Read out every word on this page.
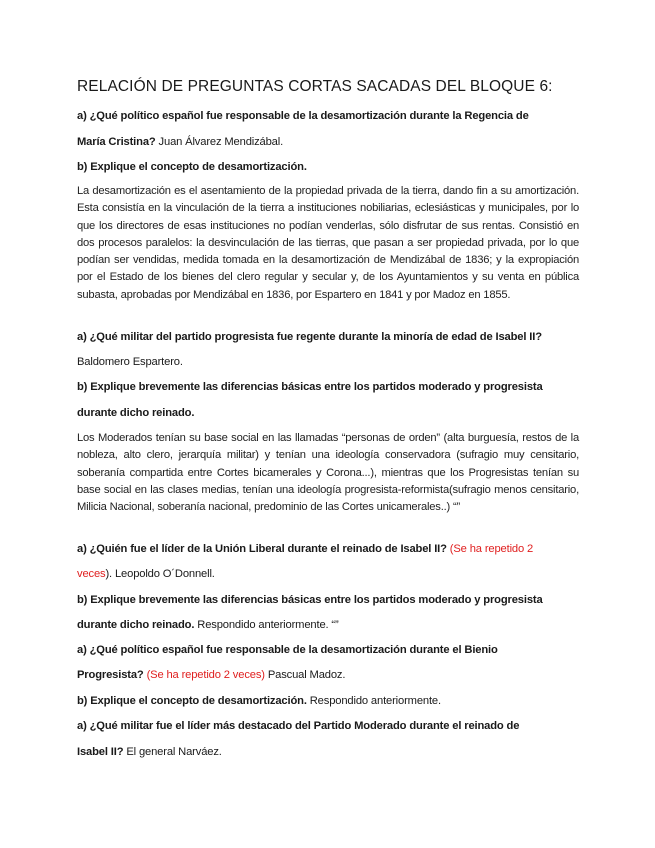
RELACIÓN DE PREGUNTAS CORTAS SACADAS DEL BLOQUE 6:
a) ¿Qué político español fue responsable de la desamortización durante la Regencia de
María Cristina? Juan Álvarez Mendizábal.
b) Explique el concepto de desamortización.
La desamortización es el asentamiento de la propiedad privada de la tierra, dando fin a su amortización. Esta consistía en la vinculación de la tierra a instituciones nobiliarias, eclesiásticas y municipales, por lo que los directores de esas instituciones no podían venderlas, sólo disfrutar de sus rentas. Consistió en dos procesos paralelos: la desvinculación de las tierras, que pasan a ser propiedad privada, por lo que podían ser vendidas, medida tomada en la desamortización de Mendizábal de 1836; y la expropiación por el Estado de los bienes del clero regular y secular y, de los Ayuntamientos y su venta en pública subasta, aprobadas por Mendizábal en 1836, por Espartero en 1841 y por Madoz en 1855.
a) ¿Qué militar del partido progresista fue regente durante la minoría de edad de Isabel II?
Baldomero Espartero.
b) Explique brevemente las diferencias básicas entre los partidos moderado y progresista
durante dicho reinado.
Los Moderados tenían su base social en las llamadas “personas de orden” (alta burguesía, restos de la nobleza, alto clero, jerarquía militar) y tenían una ideología conservadora (sufragio muy censitario, soberanía compartida entre Cortes bicamerales y Corona...), mientras que los Progresistas tenían su base social en las clases medias, tenían una ideología progresista-reformista(sufragio menos censitario, Milicia Nacional, soberanía nacional, predominio de las Cortes unicamerales..) “”
a) ¿Quién fue el líder de la Unión Liberal durante el reinado de Isabel II? (Se ha repetido 2
veces). Leopoldo O´Donnell.
b) Explique brevemente las diferencias básicas entre los partidos moderado y progresista
durante dicho reinado. Respondido anteriormente. “”
a) ¿Qué político español fue responsable de la desamortización durante el Bienio
Progresista? (Se ha repetido 2 veces) Pascual Madoz.
b) Explique el concepto de desamortización. Respondido anteriormente.
a) ¿Qué militar fue el líder más destacado del Partido Moderado durante el reinado de
Isabel II? El general Narváez.
